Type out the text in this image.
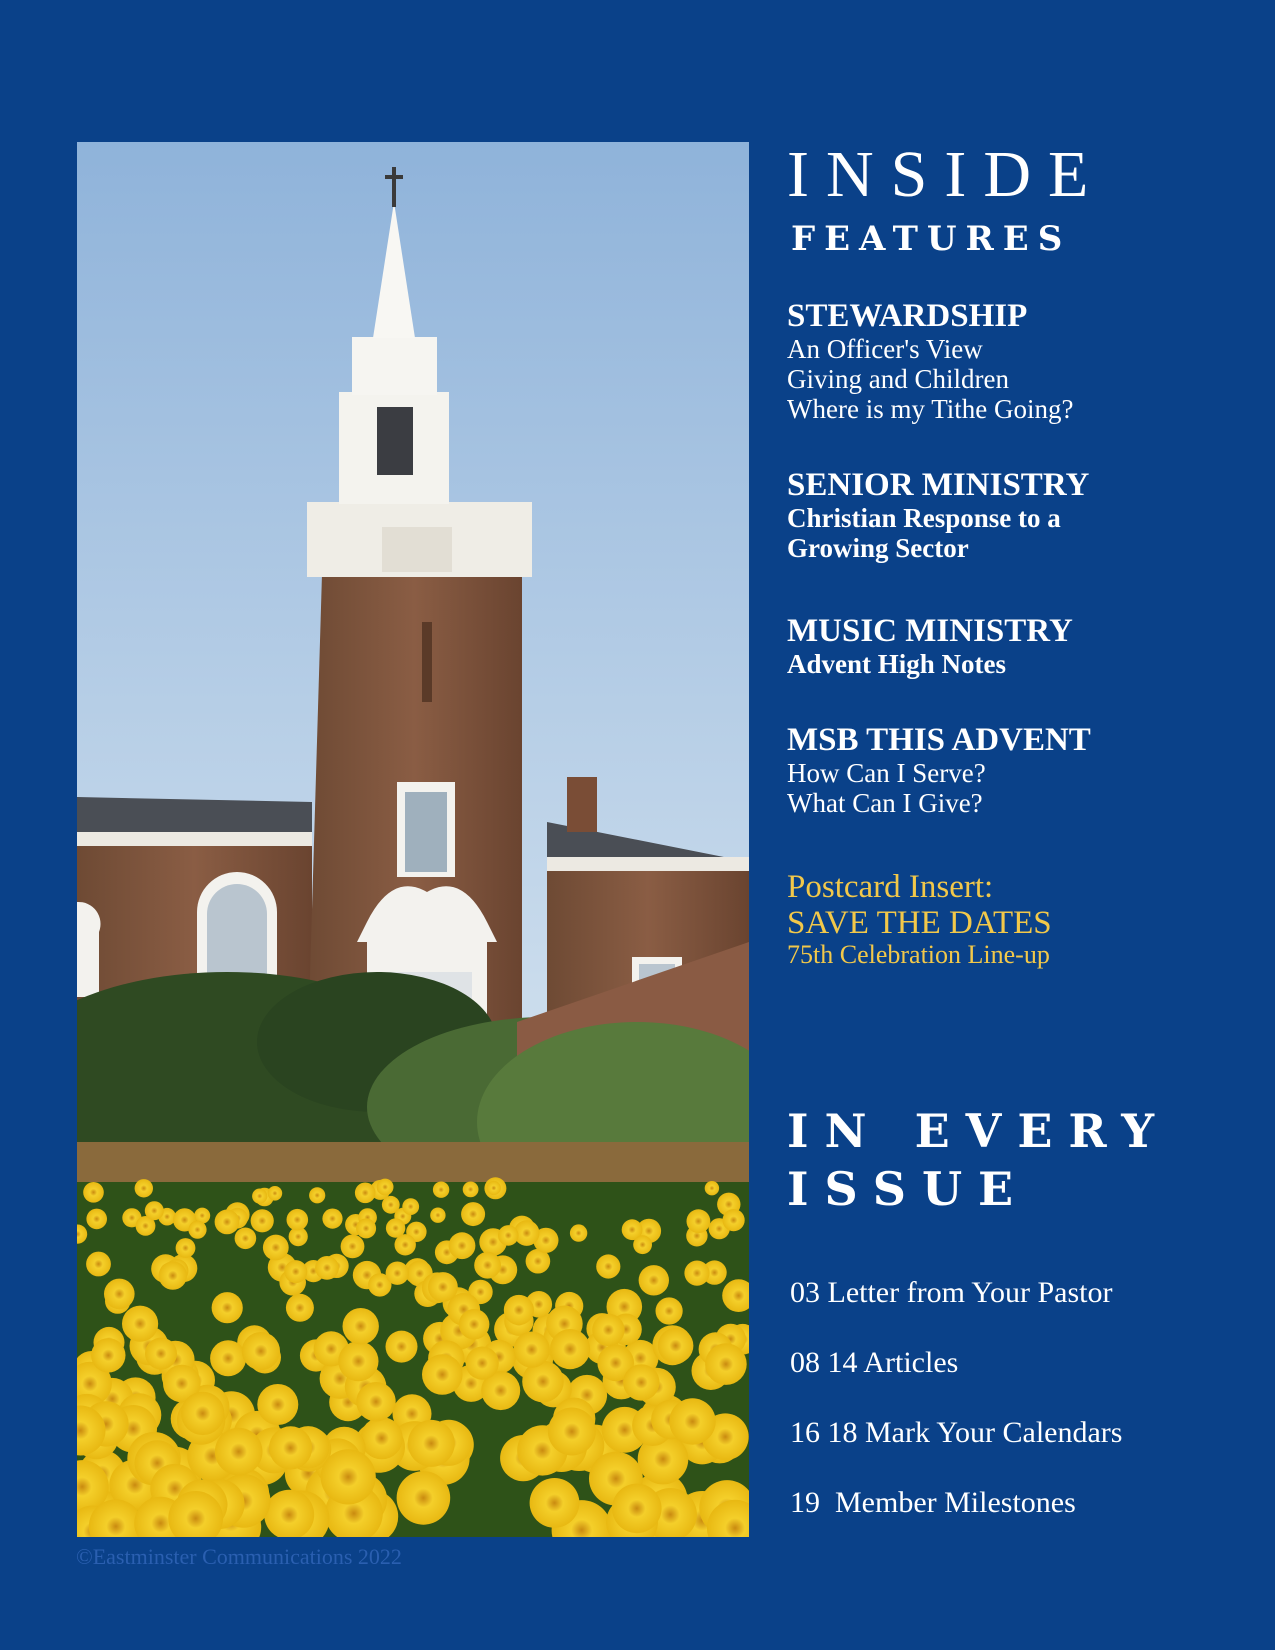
©Eastminster Communications 2022
INSIDE
FEATURES

STEWARDSHIP

An Officer's View

Giving and Children

Where is my Tithe Going?

SENIOR MINISTRY

Christian Response to a

Growing Sector

MUSIC MINISTRY

Advent High Notes

MSB THIS ADVENT

How Can I Serve?

What Can I Give?

Postcard Insert:

SAVE THE DATES

75th Celebration Line-up

IN EVERY
ISSUE
03 Letter from Your Pastor
08 14 Articles
16 18 Mark Your Calendars
19  Member Milestones
